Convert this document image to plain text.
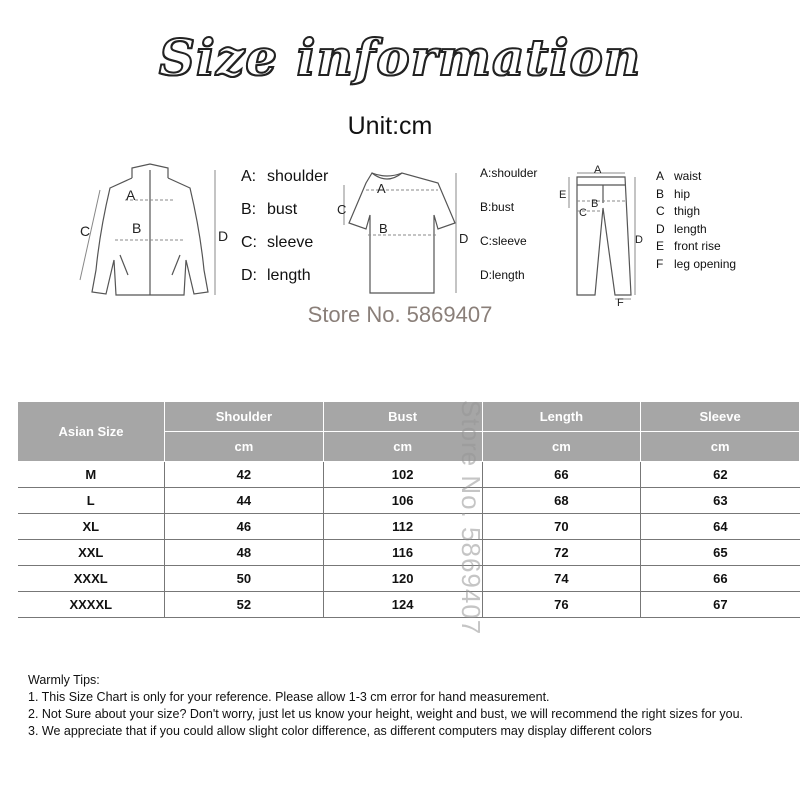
Size information
Unit:cm
A
B
C	D
A: shoulder
B: bust
C: sleeve
D: length
A
B
C
D
A:shoulder
B:bust
C:sleeve
D:length
A
B
C
D
E
F
A waist
B hip
C thigh
D length
E front rise
F leg opening
Store No. 5869407
Asian Size	Shoulder	Bust	Length	Sleeve
	cm	cm	cm	cm
M	42	102	66	62
L	44	106	68	63
XL	46	112	70	64
XXL	48	116	72	65
XXXL	50	120	74	66
XXXXL	52	124	76	67
Store No. 5869407
Warmly Tips:
1. This Size Chart is only for your reference. Please allow 1-3 cm error for hand measurement.
2. Not Sure about your size? Don't worry, just let us know your height, weight and bust, we will recommend the right sizes for you.
3. We appreciate that if you could allow slight color difference, as different computers may display different colors
